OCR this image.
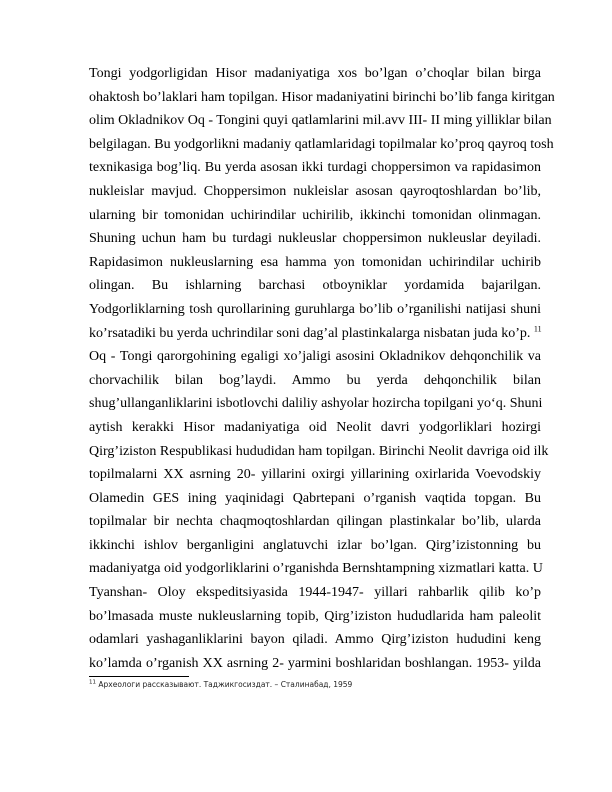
Tongi yodgorligidan Hisor madaniyatiga xos bo’lgan o’choqlar bilan birga
ohaktosh bo’laklari ham topilgan. Hisor madaniyatini birinchi bo’lib fanga kiritgan
olim Okladnikov Oq - Tongini quyi qatlamlarini mil.avv III- II ming yilliklar bilan
belgilagan. Bu yodgorlikni madaniy qatlamlaridagi topilmalar ko’proq qayroq tosh
texnikasiga bog’liq. Bu yerda asosan ikki turdagi choppersimon va rapidasimon
nukleislar mavjud. Choppersimon nukleislar asosan qayroqtoshlardan bo’lib,
ularning bir tomonidan uchirindilar uchirilib, ikkinchi tomonidan olinmagan.
Shuning uchun ham bu turdagi nukleuslar choppersimon nukleuslar deyiladi.
Rapidasimon nukleuslarning esa hamma yon tomonidan uchirindilar uchirib
olingan. Bu ishlarning barchasi otboyniklar yordamida bajarilgan.
Yodgorliklarning tosh qurollarining guruhlarga bo’lib o’rganilishi natijasi shuni
ko’rsatadiki bu yerda uchrindilar soni dag’al plastinkalarga nisbatan juda ko’p. $^{11}$
Oq - Tongi qarorgohining egaligi xo’jaligi asosini Okladnikov dehqonchilik va
chorvachilik bilan bog’laydi. Ammo bu yerda dehqonchilik bilan
shug’ullanganliklarini isbotlovchi daliliy ashyolar hozircha topilgani yo‘q. Shuni
aytish kerakki Hisor madaniyatiga oid Neolit davri yodgorliklari hozirgi
Qirg’iziston Respublikasi hududidan ham topilgan. Birinchi Neolit davriga oid ilk
topilmalarni XX asrning 20- yillarini oxirgi yillarining oxirlarida Voevodskiy
Olamedin GES ining yaqinidagi Qabrtepani o’rganish vaqtida topgan. Bu
topilmalar bir nechta chaqmoqtoshlardan qilingan plastinkalar bo’lib, ularda
ikkinchi ishlov berganligini anglatuvchi izlar bo’lgan. Qirg’izistonning bu
madaniyatga oid yodgorliklarini o’rganishda Bernshtampning xizmatlari katta. U
Tyanshan- Oloy ekspeditsiyasida 1944-1947- yillari rahbarlik qilib ko’p
bo’lmasada muste nukleuslarning topib, Qirg’iziston hududlarida ham paleolit
odamlari yashaganliklarini bayon qiladi. Ammo Qirg’iziston hududini keng
ko’lamda o’rganish XX asrning 2- yarmini boshlaridan boshlangan. 1953- yilda
$^{11}$ Археологи рассказывают. Таджикгосиздат. – Сталинабад, 1959
